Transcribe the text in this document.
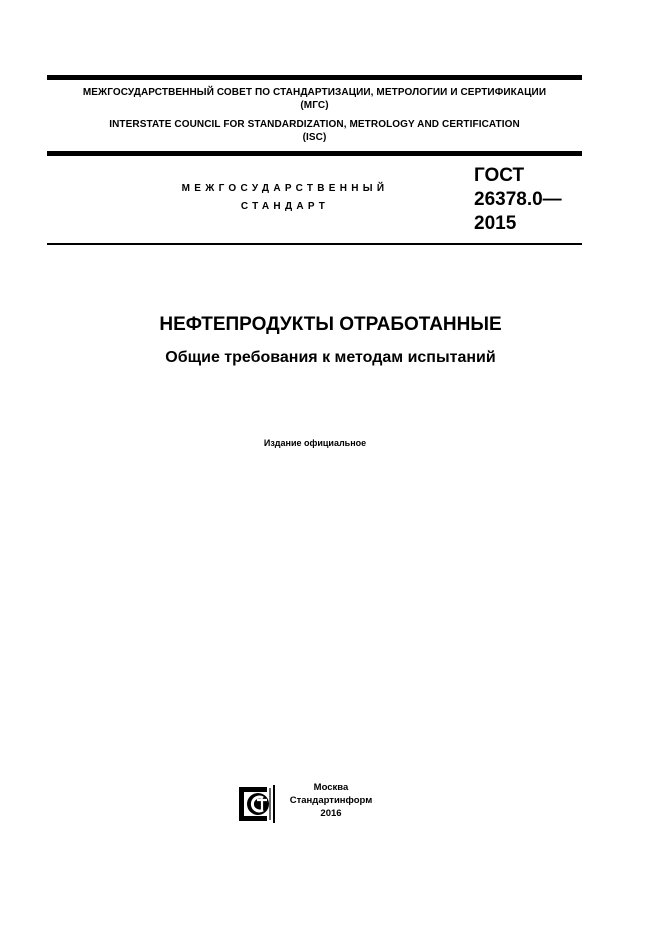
МЕЖГОСУДАРСТВЕННЫЙ СОВЕТ ПО СТАНДАРТИЗАЦИИ, МЕТРОЛОГИИ И СЕРТИФИКАЦИИ
(МГС)
INTERSTATE COUNCIL FOR STANDARDIZATION, METROLOGY AND CERTIFICATION
(ISC)
МЕЖГОСУДАРСТВЕННЫЙ
СТАНДАРТ
ГОСТ
26378.0—
2015
НЕФТЕПРОДУКТЫ ОТРАБОТАННЫЕ
Общие требования к методам испытаний
Издание официальное
Москва
Стандартинформ
2016
